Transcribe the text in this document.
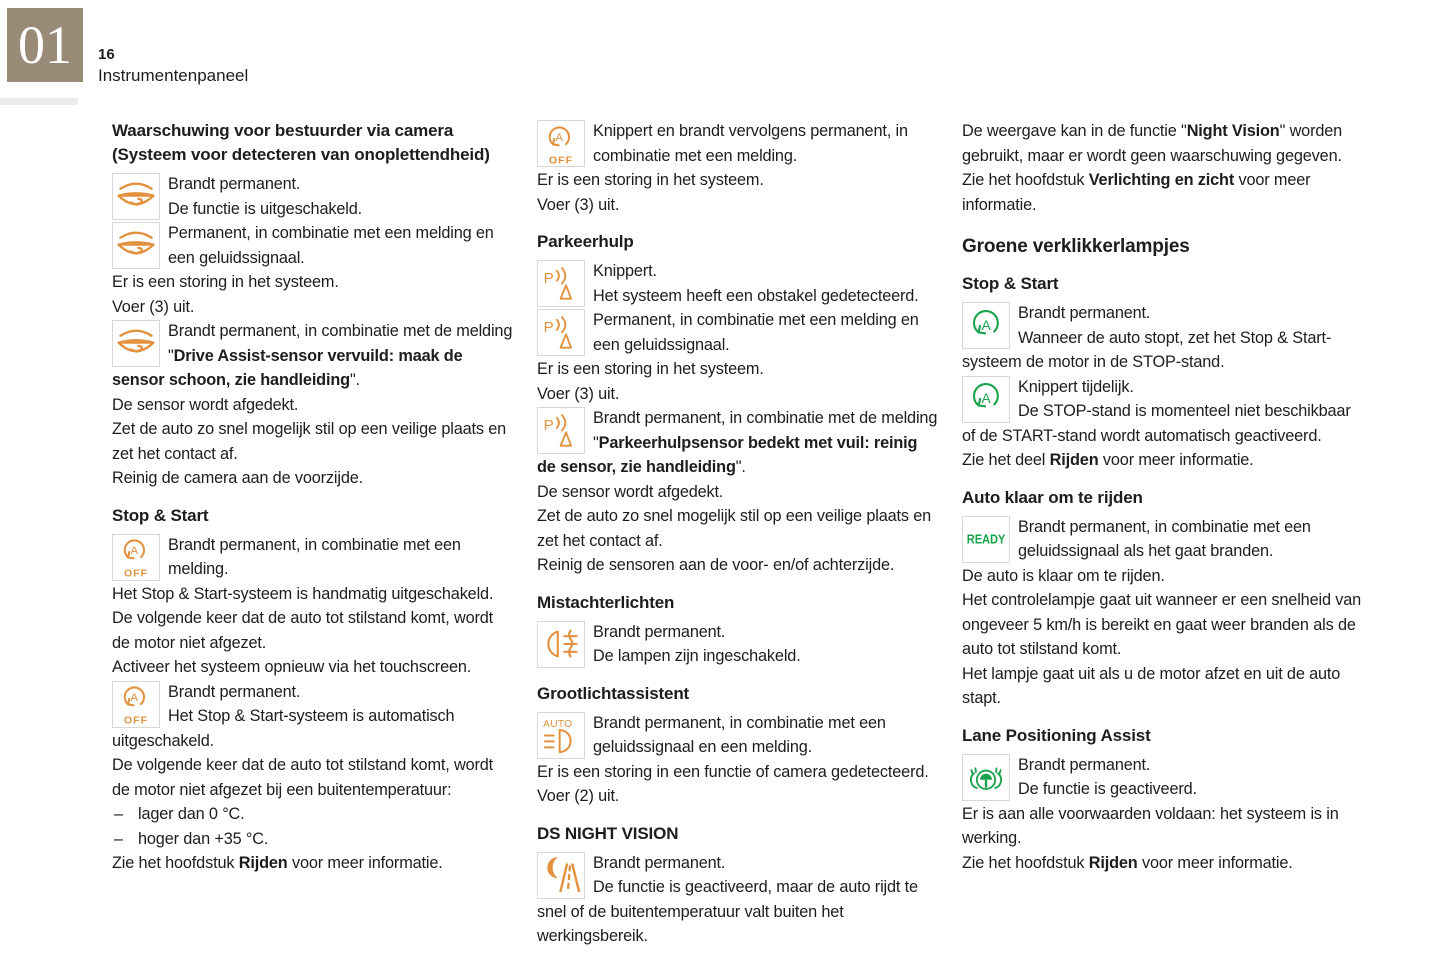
01 16
Instrumentenpaneel
Waarschuwing voor bestuurder via camera (Systeem voor detecteren van onoplettendheid)

Brandt permanent.

De functie is uitgeschakeld.

Permanent, in combinatie met een melding en een geluidssignaal.

Er is een storing in het systeem.

Voer (3) uit.

Brandt permanent, in combinatie met de melding "Drive Assist-sensor vervuild: maak de sensor schoon, zie handleiding".

De sensor wordt afgedekt.

Zet de auto zo snel mogelijk stil op een veilige plaats en zet het contact af.

Reinig de camera aan de voorzijde.

Stop & Start
A
OFF

Brandt permanent, in combinatie met een melding.

Het Stop & Start-systeem is handmatig uitgeschakeld.

De volgende keer dat de auto tot stilstand komt, wordt de motor niet afgezet.

Activeer het systeem opnieuw via het touchscreen.

A
OFF

Brandt permanent.

Het Stop & Start-systeem is automatisch uitgeschakeld.

De volgende keer dat de auto tot stilstand komt, wordt de motor niet afgezet bij een buitentemperatuur:

– lager dan 0 °C.

– hoger dan +35 °C.

Zie het hoofdstuk Rijden voor meer informatie.

A
OFF

Knippert en brandt vervolgens permanent, in combinatie met een melding.

Er is een storing in het systeem.

Voer (3) uit.

Parkeerhulp
P	Knippert.

Het systeem heeft een obstakel gedetecteerd.

P	Permanent, in combinatie met een melding en een geluidssignaal.

Er is een storing in het systeem.

Voer (3) uit.

P	Brandt permanent, in combinatie met de melding "Parkeerhulpsensor bedekt met vuil: reinig de sensor, zie handleiding".

De sensor wordt afgedekt.

Zet de auto zo snel mogelijk stil op een veilige plaats en zet het contact af.

Reinig de sensoren aan de voor- en/of achterzijde.

Mistachterlichten

Brandt permanent.

De lampen zijn ingeschakeld.

Grootlichtassistent
AUTO	Brandt permanent, in combinatie met een geluidssignaal en een melding.

Er is een storing in een functie of camera gedetecteerd.

Voer (2) uit.

DS NIGHT VISION

Brandt permanent.

De functie is geactiveerd, maar de auto rijdt te snel of de buitentemperatuur valt buiten het werkingsbereik.

De weergave kan in de functie "Night Vision" worden gebruikt, maar er wordt geen waarschuwing gegeven.

Zie het hoofdstuk Verlichting en zicht voor meer informatie.

Groene verklikkerlampjes
Stop & Start
A

Brandt permanent.

Wanneer de auto stopt, zet het Stop & Start-systeem de motor in de STOP-stand.

A

Knippert tijdelijk.

De STOP-stand is momenteel niet beschikbaar of de START-stand wordt automatisch geactiveerd.

Zie het deel Rijden voor meer informatie.

Auto klaar om te rijden
READY

Brandt permanent, in combinatie met een geluidssignaal als het gaat branden.

De auto is klaar om te rijden.

Het controlelampje gaat uit wanneer er een snelheid van ongeveer 5 km/h is bereikt en gaat weer branden als de auto tot stilstand komt.

Het lampje gaat uit als u de motor afzet en uit de auto stapt.

Lane Positioning Assist

Brandt permanent.

De functie is geactiveerd.

Er is aan alle voorwaarden voldaan: het systeem is in werking.

Zie het hoofdstuk Rijden voor meer informatie.
